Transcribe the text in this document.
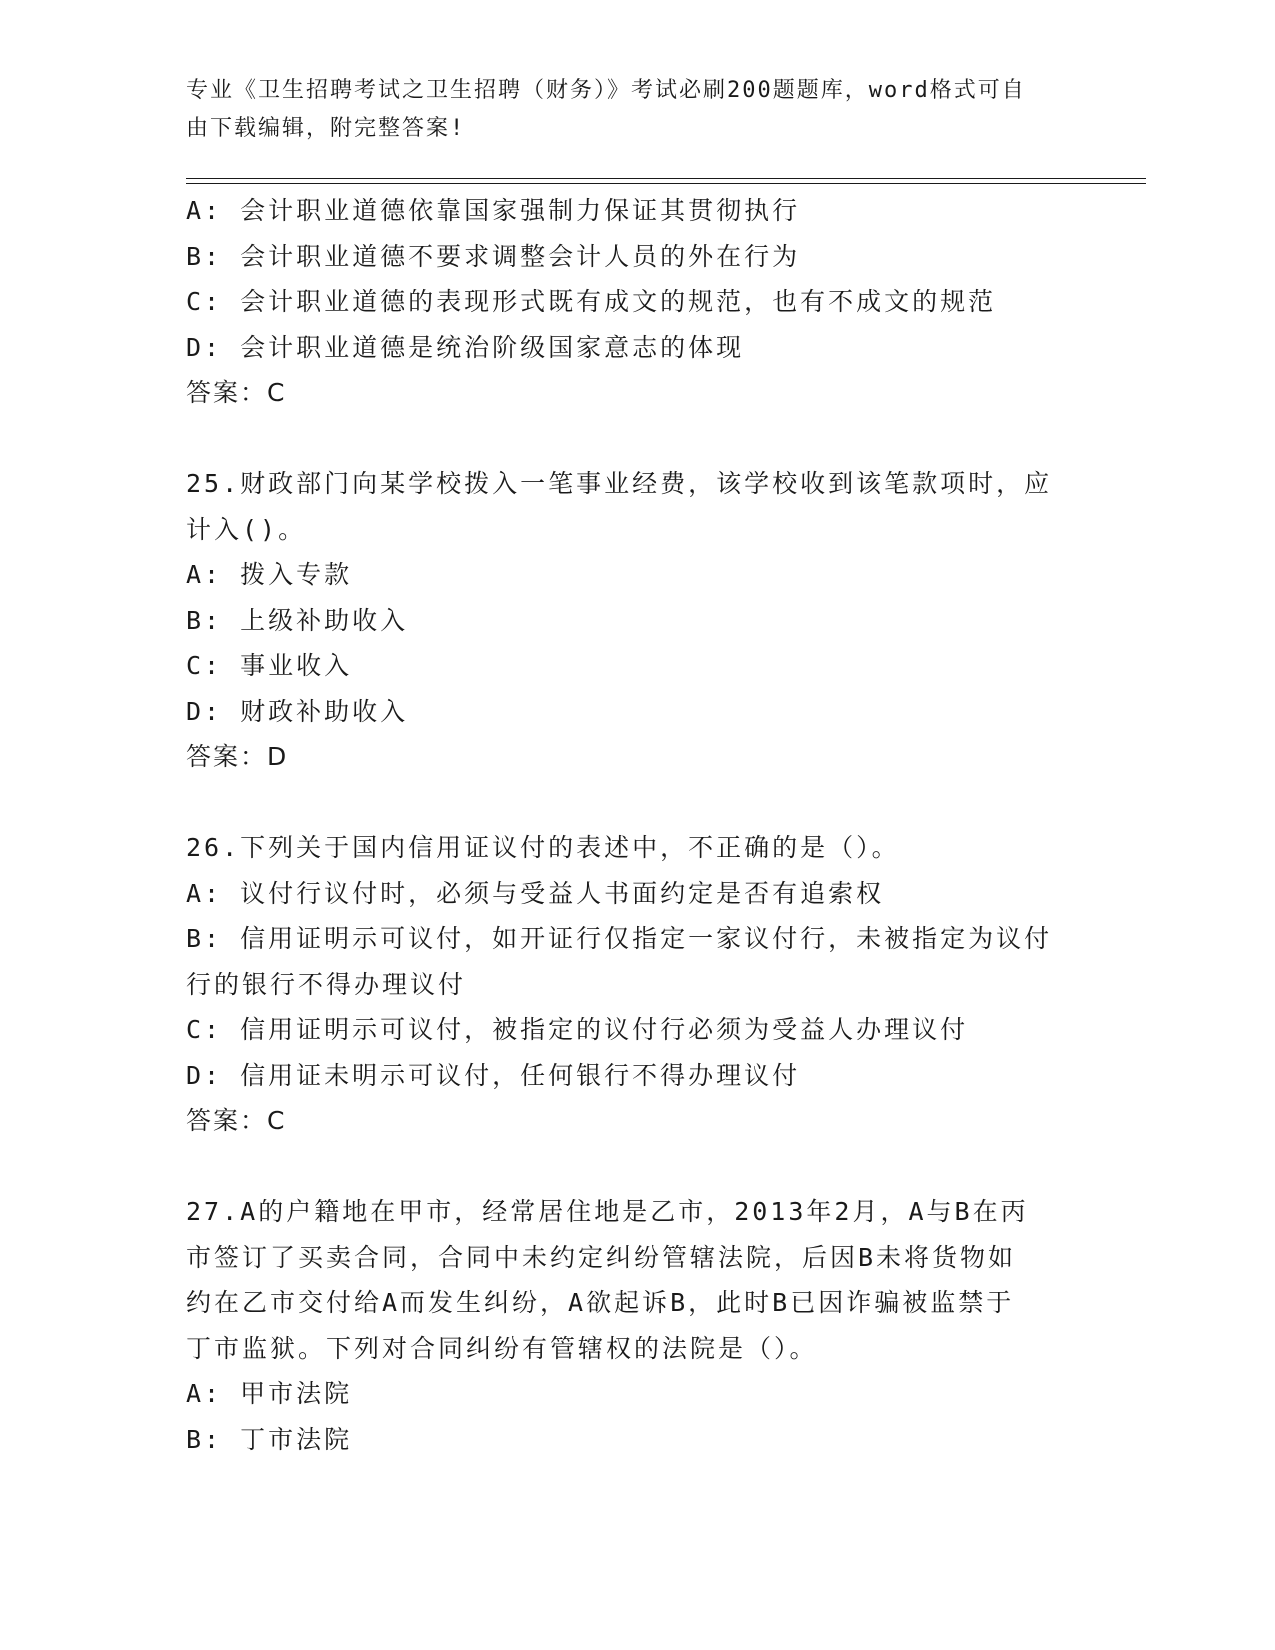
专业《卫生招聘考试之卫生招聘（财务）》考试必刷200题题库，word格式可自
由下载编辑，附完整答案!
A: 会计职业道德依靠国家强制力保证其贯彻执行
B: 会计职业道德不要求调整会计人员的外在行为
C: 会计职业道德的表现形式既有成文的规范，也有不成文的规范
D: 会计职业道德是统治阶级国家意志的体现
答案：C
25.财政部门向某学校拨入一笔事业经费，该学校收到该笔款项时，应
计入()。
A: 拨入专款
B: 上级补助收入
C: 事业收入
D: 财政补助收入
答案：D
26.下列关于国内信用证议付的表述中，不正确的是（）。
A: 议付行议付时，必须与受益人书面约定是否有追索权
B: 信用证明示可议付，如开证行仅指定一家议付行，未被指定为议付
行的银行不得办理议付
C: 信用证明示可议付，被指定的议付行必须为受益人办理议付
D: 信用证未明示可议付，任何银行不得办理议付
答案：C
27.A的户籍地在甲市，经常居住地是乙市，2013年2月，A与B在丙
市签订了买卖合同，合同中未约定纠纷管辖法院，后因B未将货物如
约在乙市交付给A而发生纠纷，A欲起诉B，此时B已因诈骗被监禁于
丁市监狱。下列对合同纠纷有管辖权的法院是（）。
A: 甲市法院
B: 丁市法院
